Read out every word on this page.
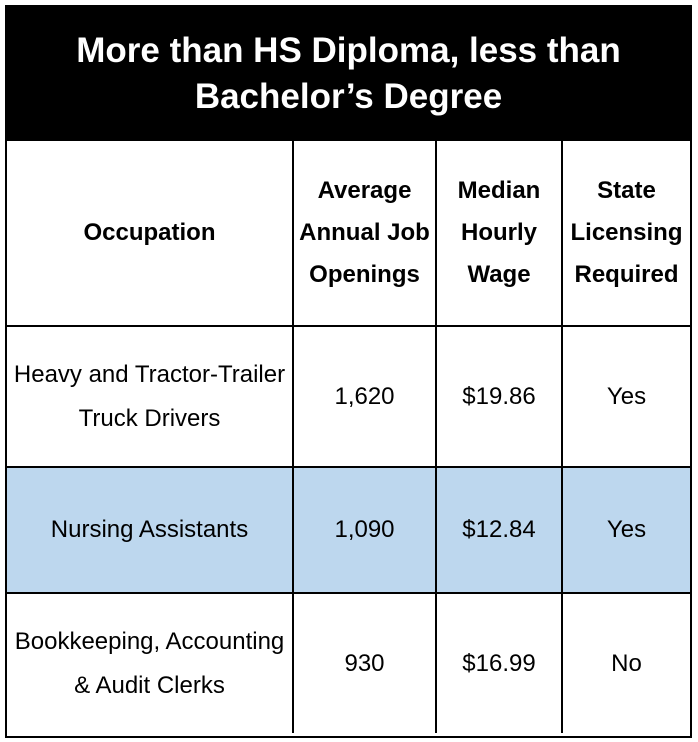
More than HS Diploma, less than Bachelor’s Degree
Occupation	Average Annual Job Openings	Median Hourly Wage	State Licensing Required
Heavy and Tractor-Trailer Truck Drivers	1,620	$19.86	Yes
Nursing Assistants	1,090	$12.84	Yes
Bookkeeping, Accounting & Audit Clerks	930	$16.99	No
